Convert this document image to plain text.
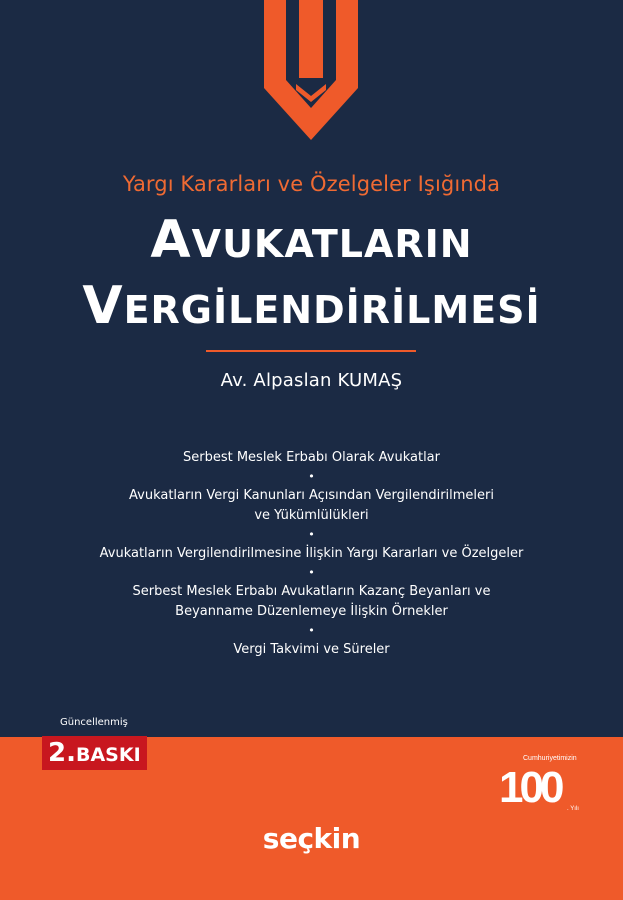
Yargı Kararları ve Özelgeler Işığında
AVUKATLARIN
VERGİLENDİRİLMESİ
Av. Alpaslan KUMAŞ
Serbest Meslek Erbabı Olarak Avukatlar
•
Avukatların Vergi Kanunları Açısından Vergilendirilmeleri
ve Yükümlülükleri
•
Avukatların Vergilendirilmesine İlişkin Yargı Kararları ve Özelgeler
•
Serbest Meslek Erbabı Avukatların Kazanç Beyanları ve
Beyanname Düzenlemeye İlişkin Örnekler
•
Vergi Takvimi ve Süreler
Güncellenmiş
2.BASKI	Cumhuriyetimizin
100	. Yılı
seçkin
